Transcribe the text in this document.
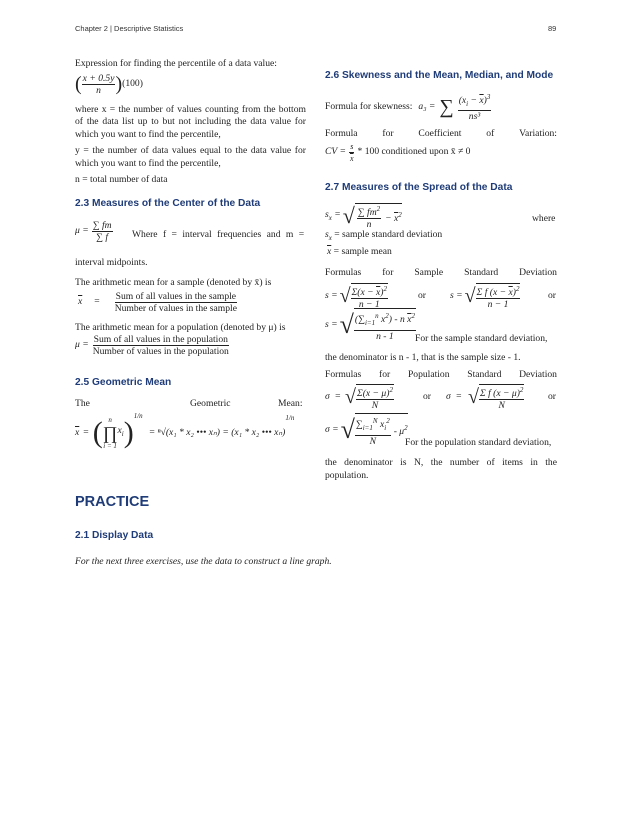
Chapter 2 | Descriptive Statistics	89

Expression for finding the percentile of a data value:

( $\frac{x + 0.5y}{n}$ ) (100)

where x = the number of values counting from the bottom of the data list up to but not including the data value for which you want to find the percentile,

y = the number of data values equal to the data value for which you want to find the percentile,

n = total number of data

2.3 Measures of the Center of the Data
$\mu = \frac{\sum fm}{\sum f}$ Where f = interval frequencies and m =
interval midpoints.
The arithmetic mean for a sample (denoted by x̄) is
$\overline{x} = \frac{\text{Sum of all values in the sample}}{\text{Number of values in the sample}}$
The arithmetic mean for a population (denoted by μ) is
$\mu = \frac{\text{Sum of all values in the population}}{\text{Number of values in the population}}$
2.5 Geometric Mean
The	Geometric	Mean:
$\overline{x}$ = ( n
∏
i = 1
$x_i$ ) 1/n
= ⁿ√(x₁ * x₂ ••• xₙ) = (x₁ * x₂ ••• xₙ)
1/n
PRACTICE
2.1 Display Data
For the next three exercises, use the data to construct a line graph.
2.6 Skewness and the Mean, Median, and Mode
Formula for skewness: a₃ = ∑ $\frac{(x_i - \overline{x})^3}{\text{ns³}}$
Formula	for	Coefficient	of	Variation:
CV = $\frac{s}{x} * 100$ conditioned upon x̄ ≠ 0
2.7 Measures of the Spread of the Data
$s_x$ = √ $\frac{\sum fm^2}{n} - \overline{x}^2$	where
$s_x$ = sample standard deviation
$\overline{x}$ = sample mean
Formulas for Sample Standard Deviation
s = √ $\frac{\Sigma(x - \overline{x})^2}{n - 1}$	or	s = √ $\frac{\Sigma f (x - \overline{x})^2}{n - 1}$	or
s = √ $\frac{(\sum_{i=1}^n x^2) - n \overline{x}^2}{n - 1}$ For the sample standard deviation,
the denominator is n - 1, that is the sample size - 1.
Formulas for Population Standard Deviation
σ  = √ $\frac{\Sigma(x - \mu)^2}{N}$	or σ  = √ $\frac{\Sigma f (x - \mu)^2}{N}$ or
σ = √ $\frac{\sum_{i=1}^N x_i^2}{N} - \mu^2$
For the population standard deviation,

the denominator is N, the number of items in the population.
